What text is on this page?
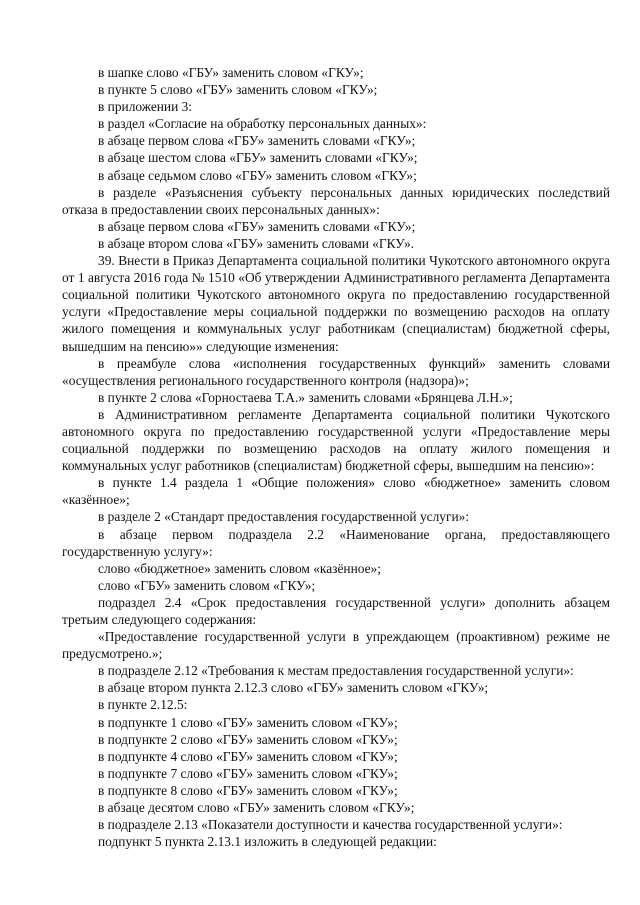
в шапке слово «ГБУ» заменить словом «ГКУ»;

в пункте 5 слово «ГБУ» заменить словом «ГКУ»;

в приложении 3:

в раздел «Согласие на обработку персональных данных»:

в абзаце первом слова «ГБУ» заменить словами «ГКУ»;

в абзаце шестом слова «ГБУ» заменить словами «ГКУ»;

в абзаце седьмом слово «ГБУ» заменить словом «ГКУ»;

в разделе «Разъяснения субъекту персональных данных юридических последствий отказа в предоставлении своих персональных данных»:

в абзаце первом слова «ГБУ» заменить словами «ГКУ»;

в абзаце втором слова «ГБУ» заменить словами «ГКУ».

39. Внести в Приказ Департамента социальной политики Чукотского автономного округа от 1 августа 2016 года № 1510 «Об утверждении Административного регламента Департамента социальной политики Чукотского автономного округа по предоставлению государственной услуги «Предоставление меры социальной поддержки по возмещению расходов на оплату жилого помещения и коммунальных услуг работникам (специалистам) бюджетной сферы, вышедшим на пенсию»» следующие изменения:

в преамбуле слова «исполнения государственных функций» заменить словами «осуществления регионального государственного контроля (надзора)»;

в пункте 2 слова «Горностаева Т.А.» заменить словами «Брянцева Л.Н.»;

в Административном регламенте Департамента социальной политики Чукотского автономного округа по предоставлению государственной услуги «Предоставление меры социальной поддержки по возмещению расходов на оплату жилого помещения и коммунальных услуг работников (специалистам) бюджетной сферы, вышедшим на пенсию»:

в пункте 1.4 раздела 1 «Общие положения» слово «бюджетное» заменить словом «казённое»;

в разделе 2 «Стандарт предоставления государственной услуги»:

в абзаце первом подраздела 2.2 «Наименование органа, предоставляющего государственную услугу»:

слово «бюджетное» заменить словом «казённое»;

слово «ГБУ» заменить словом «ГКУ»;

подраздел 2.4 «Срок предоставления государственной услуги» дополнить абзацем третьим следующего содержания:

«Предоставление государственной услуги в упреждающем (проактивном) режиме не предусмотрено.»;

в подразделе 2.12 «Требования к местам предоставления государственной услуги»:

в абзаце втором пункта 2.12.3 слово «ГБУ» заменить словом «ГКУ»;

в пункте 2.12.5:

в подпункте 1 слово «ГБУ» заменить словом «ГКУ»;

в подпункте 2 слово «ГБУ» заменить словом «ГКУ»;

в подпункте 4 слово «ГБУ» заменить словом «ГКУ»;

в подпункте 7 слово «ГБУ» заменить словом «ГКУ»;

в подпункте 8 слово «ГБУ» заменить словом «ГКУ»;

в абзаце десятом слово «ГБУ» заменить словом «ГКУ»;

в подразделе 2.13 «Показатели доступности и качества государственной услуги»:

подпункт 5 пункта 2.13.1 изложить в следующей редакции:
